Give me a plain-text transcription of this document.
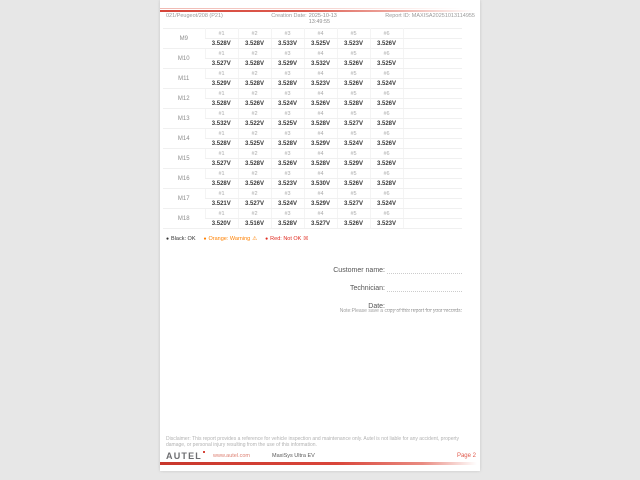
021/Peugeot/208 (P21)	Creation Date: 2025-10-13
13:49:55
Report ID: MAXISA20251013114955
M9	#1	#2	#3	#4	#5	#6	
	3.528V	3.528V	3.533V	3.525V	3.523V	3.526V	
M10	#1	#2	#3	#4	#5	#6	
	3.527V	3.528V	3.529V	3.532V	3.526V	3.525V	
M11	#1	#2	#3	#4	#5	#6	
	3.529V	3.528V	3.528V	3.523V	3.526V	3.524V	
M12	#1	#2	#3	#4	#5	#6	
	3.528V	3.526V	3.524V	3.526V	3.528V	3.526V	
M13	#1	#2	#3	#4	#5	#6	
	3.532V	3.522V	3.525V	3.528V	3.527V	3.528V	
M14	#1	#2	#3	#4	#5	#6	
	3.528V	3.525V	3.528V	3.529V	3.524V	3.526V	
M15	#1	#2	#3	#4	#5	#6	
	3.527V	3.528V	3.526V	3.528V	3.529V	3.526V	
M16	#1	#2	#3	#4	#5	#6	
	3.528V	3.526V	3.523V	3.530V	3.526V	3.528V	
M17	#1	#2	#3	#4	#5	#6	
	3.521V	3.527V	3.524V	3.529V	3.527V	3.524V	
M18	#1	#2	#3	#4	#5	#6	
	3.520V	3.516V	3.528V	3.527V	3.526V	3.523V	
● Black: OK ● Orange: Warning ⚠ ● Red: Not OK ☒
Customer name:
Technician:
Date:
Note:Please save a copy of this report for your records.
Disclaimer: This report provides a reference for vehicle inspection and maintenance only. Autel is not liable for any accident, property damage, or personal injury resulting from the use of this information.
AUTEL	www.autel.com	MaxiSys Ultra EV	Page 2
